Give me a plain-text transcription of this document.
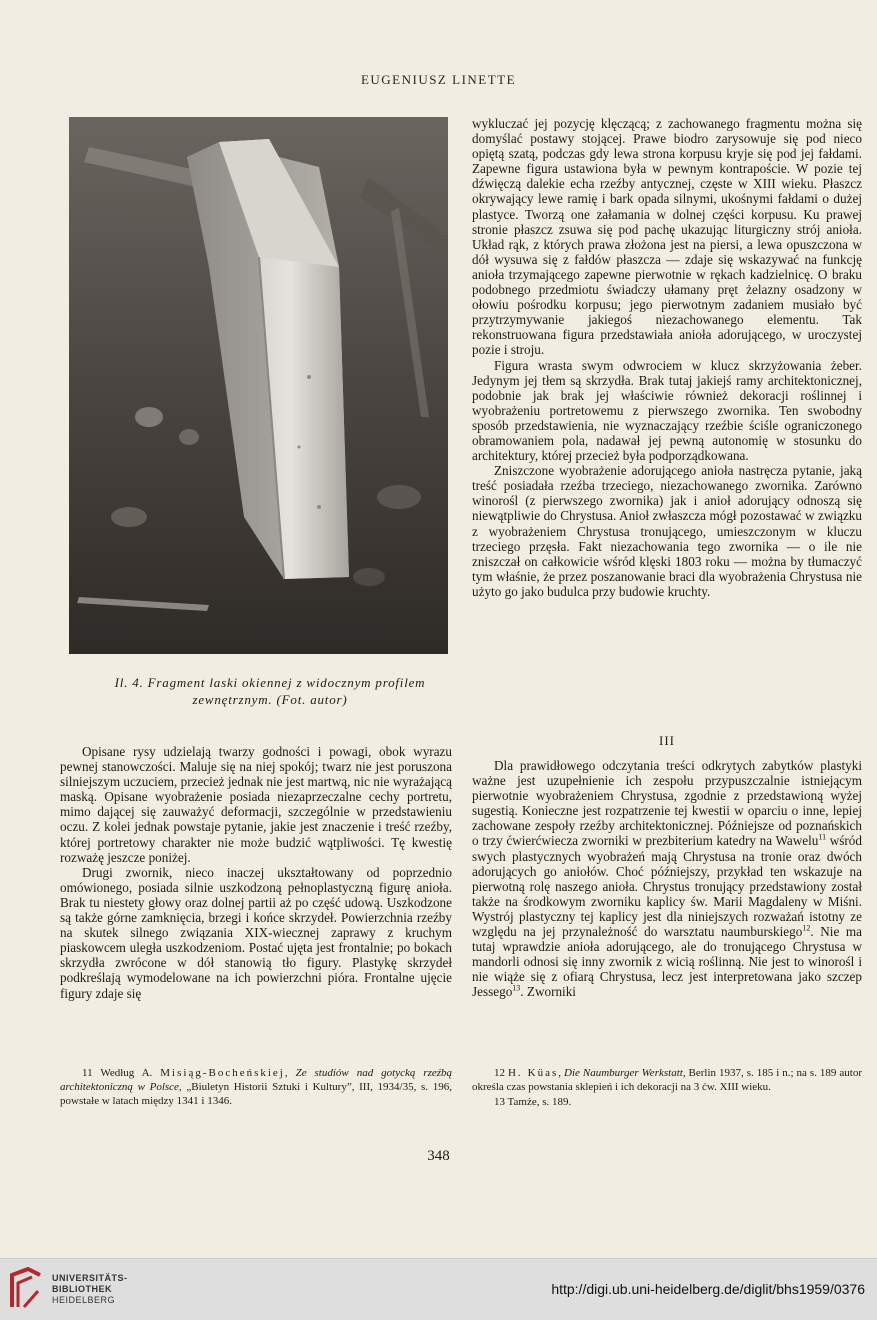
EUGENIUSZ LINETTE
Il. 4. Fragment laski okiennej z widocznym profilem
zewnętrznym. (Fot. autor)

wykluczać jej pozycję klęczącą; z zachowanego fragmentu można się domyślać postawy stojącej. Prawe biodro zarysowuje się pod nieco opiętą szatą, podczas gdy lewa strona korpusu kryje się pod jej fałdami. Zapewne figura ustawiona była w pewnym kontrapoście. W pozie tej dźwięczą dalekie echa rzeźby antycznej, częste w XIII wieku. Płaszcz okrywający lewe ramię i bark opada silnymi, ukośnymi fałdami o dużej plastyce. Tworzą one załamania w dolnej części korpusu. Ku prawej stronie płaszcz zsuwa się pod pachę ukazując liturgiczny strój anioła. Układ rąk, z których prawa złożona jest na piersi, a lewa opuszczona w dół wysuwa się z fałdów płaszcza — zdaje się wskazywać na funkcję anioła trzymającego zapewne pierwotnie w rękach kadzielnicę. O braku podobnego przedmiotu świadczy ułamany pręt żelazny osadzony w ołowiu pośrodku korpusu; jego pierwotnym zadaniem musiało być przytrzymywanie jakiegoś niezachowanego elementu. Tak rekonstruowana figura przedstawiała anioła adorującego, w uroczystej pozie i stroju.

Figura wrasta swym odwrociem w klucz skrzyżowania żeber. Jedynym jej tłem są skrzydła. Brak tutaj jakiejś ramy architektonicznej, podobnie jak brak jej właściwie również dekoracji roślinnej i wyobrażeniu portretowemu z pierwszego zwornika. Ten swobodny sposób przedstawienia, nie wyznaczający rzeźbie ściśle ograniczonego obramowaniem pola, nadawał jej pewną autonomię w stosunku do architektury, której przecież była podporządkowana.

Zniszczone wyobrażenie adorującego anioła nastręcza pytanie, jaką treść posiadała rzeźba trzeciego, niezachowanego zwornika. Zarówno winorośl (z pierwszego zwornika) jak i anioł adorujący odnoszą się niewątpliwie do Chrystusa. Anioł zwłaszcza mógł pozostawać w związku z wyobrażeniem Chrystusa tronującego, umieszczonym w kluczu trzeciego przęsła. Fakt niezachowania tego zwornika — o ile nie zniszczał on całkowicie wśród klęski 1803 roku — można by tłumaczyć tym właśnie, że przez poszanowanie braci dla wyobrażenia Chrystusa nie użyto go jako budulca przy budowie kruchty.

Opisane rysy udzielają twarzy godności i powagi, obok wyrazu pewnej stanowczości. Maluje się na niej spokój; twarz nie jest poruszona silniejszym uczuciem, przecież jednak nie jest martwą, nic nie wyrażającą maską. Opisane wyobrażenie posiada niezaprzeczalne cechy portretu, mimo dającej się zauważyć deformacji, szczególnie w przedstawieniu oczu. Z kolei jednak powstaje pytanie, jakie jest znaczenie i treść rzeźby, której portretowy charakter nie może budzić wątpliwości. Tę kwestię rozważę jeszcze poniżej.

Drugi zwornik, nieco inaczej ukształtowany od poprzednio omówionego, posiada silnie uszkodzoną pełnoplastyczną figurę anioła. Brak tu niestety głowy oraz dolnej partii aż po część udową. Uszkodzone są także górne zamknięcia, brzegi i końce skrzydeł. Powierzchnia rzeźby na skutek silnego związania XIX-wiecznej zaprawy z kruchym piaskowcem uległa uszkodzeniom. Postać ujęta jest frontalnie; po bokach skrzydła zwrócone w dół stanowią tło figury. Plastykę skrzydeł podkreślają wymodelowane na ich powierzchni pióra. Frontalne ujęcie figury zdaje się

III

Dla prawidłowego odczytania treści odkrytych zabytków plastyki ważne jest uzupełnienie ich zespołu przypuszczalnie istniejącym pierwotnie wyobrażeniem Chrystusa, zgodnie z przedstawioną wyżej sugestią. Konieczne jest rozpatrzenie tej kwestii w oparciu o inne, lepiej zachowane zespoły rzeźby architektonicznej. Późniejsze od poznańskich o trzy ćwierćwiecza zworniki w prezbiterium katedry na Wawelu$^{11}$ wśród swych plastycznych wyobrażeń mają Chrystusa na tronie oraz dwóch adorujących go aniołów. Choć późniejszy, przykład ten wskazuje na pierwotną rolę naszego anioła. Chrystus tronujący przedstawiony został także na środkowym zworniku kaplicy św. Marii Magdaleny w Miśni. Wystrój plastyczny tej kaplicy jest dla niniejszych rozważań istotny ze względu na jej przynależność do warsztatu naumburskiego$^{12}$. Nie ma tutaj wprawdzie anioła adorującego, ale do tronującego Chrystusa w mandorli odnosi się inny zwornik z wicią roślinną. Nie jest to winorośl i nie wiąże się z ofiarą Chrystusa, lecz jest interpretowana jako szczep Jessego$^{13}$. Zworniki

11 Według A. Misiąg-Bocheńskiej, Ze studiów nad gotycką rzeźbą architektoniczną w Polsce, „Biuletyn Historii Sztuki i Kultury”, III, 1934/35, s. 196, powstałe w latach między 1341 i 1346.

12 H. Küas, Die Naumburger Werkstatt, Berlin 1937, s. 185 i n.; na s. 189 autor określa czas powstania sklepień i ich dekoracji na 3 ćw. XIII wieku.

13 Tamże, s. 189.

348
UNIVERSITÄTS-
BIBLIOTHEK
HEIDELBERG
http://digi.ub.uni-heidelberg.de/diglit/bhs1959/0376
